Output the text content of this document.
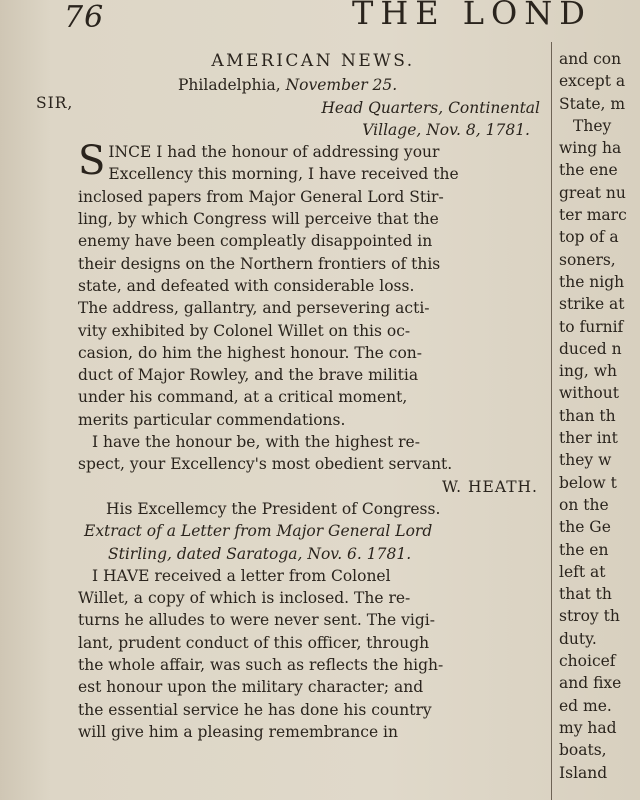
76	THE LOND
AMERICAN NEWS.
Philadelphia, November 25.
Head Quarters, Continental
Village, Nov. 8, 1781.
S INCE I had the honour of addressing your
Excellency this morning, I have received the
inclosed papers from Major General Lord Stir-
ling, by which Congress will perceive that the
enemy have been compleatly disappointed in
their designs on the Northern frontiers of this
state, and defeated with considerable loss.
The address, gallantry, and persevering acti-
vity exhibited by Colonel Willet on this oc-
casion, do him the highest honour. The con-
duct of Major Rowley, and the brave militia
under his command, at a critical moment,
merits particular commendations.
I have the honour be, with the highest re-
spect, your Excellency's most obedient servant.
W. HEATH.
His Excellemcy the President of Congress.
Extract of a Letter from Major General Lord
Stirling, dated Saratoga, Nov. 6. 1781.
I HAVE received a letter from Colonel
Willet, a copy of which is inclosed. The re-
turns he alludes to were never sent. The vigi-
lant, prudent conduct of this officer, through
the whole affair, was such as reflects the high-
est honour upon the military character; and
the essential service he has done his country
will give him a pleasing remembrance in
SIR,
and con
except a
State, m
They
wing ha
the ene
great nu
ter marc
top of a
soners,
the nigh
strike at
to furnif
duced n
ing, wh
without
than th
ther int
they w
below t
on the
the Ge
the en
left at
that th
stroy th
duty.
choicef
and fixe
ed me.
my had
boats,
Island
